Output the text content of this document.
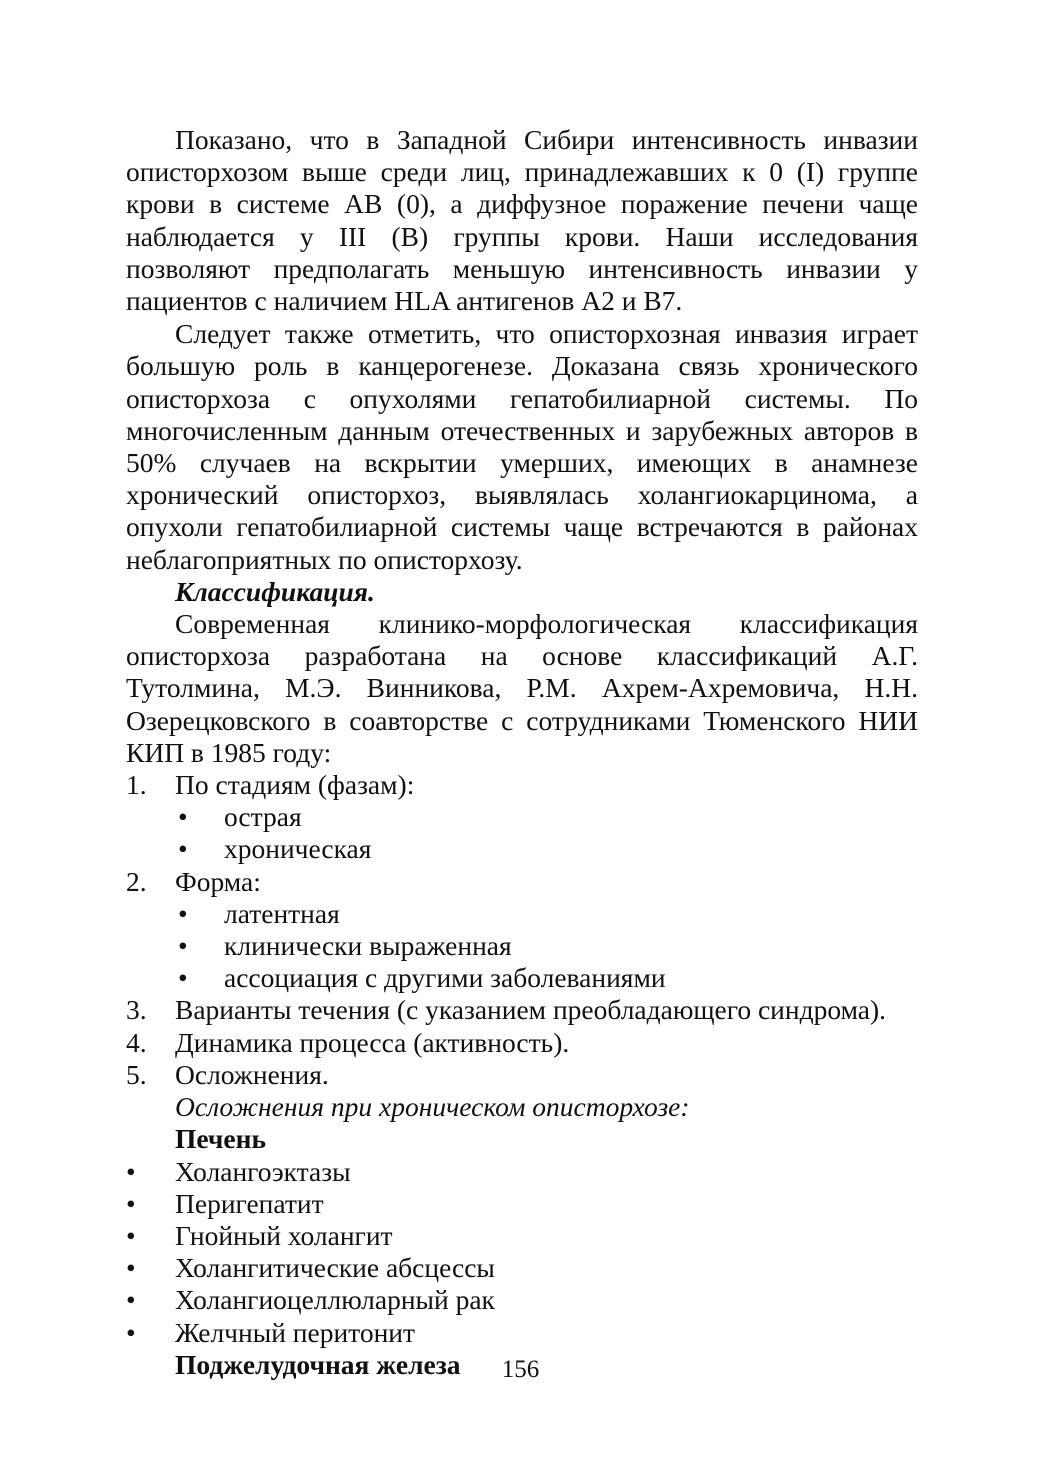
Показано, что в Западной Сибири интенсивность инвазии описторхозом выше среди лиц, принадлежавших к 0 (I) группе крови в системе АВ (0), а диффузное поражение печени чаще наблюдается у III (В) группы крови. Наши исследования позволяют предполагать меньшую интенсивность инвазии у пациентов с наличием HLA антигенов А2 и В7.

Следует также отметить, что описторхозная инвазия играет большую роль в канцерогенезе. Доказана связь хронического описторхоза с опухолями гепатобилиарной системы. По многочисленным данным отечественных и зарубежных авторов в 50% случаев на вскрытии умерших, имеющих в анамнезе хронический описторхоз, выявлялась холангиокарцинома, а опухоли гепатобилиарной системы чаще встречаются в районах неблагоприятных по описторхозу.

Классификация.

Современная клинико-морфологическая классификация описторхоза разработана на основе классификаций А.Г. Тутолмина, М.Э. Винникова, Р.М. Ахрем-Ахремовича, Н.Н. Озерецковского в соавторстве с сотрудниками Тюменского НИИ КИП в 1985 году:

1.	По стадиям (фазам):
•	острая
•	хроническая
2.	Форма:
•	латентная
•	клинически выраженная
•	ассоциация с другими заболеваниями
3.	Варианты течения (с указанием преобладающего синдрома).
4.	Динамика процесса (активность).
5.	Осложнения.

Осложнения при хроническом описторхозе:

Печень

•	Холангоэктазы
•	Перигепатит
•	Гнойный холангит
•	Холангитические абсцессы
•	Холангиоцеллюларный рак
•	Желчный перитонит

Поджелудочная железа	156
